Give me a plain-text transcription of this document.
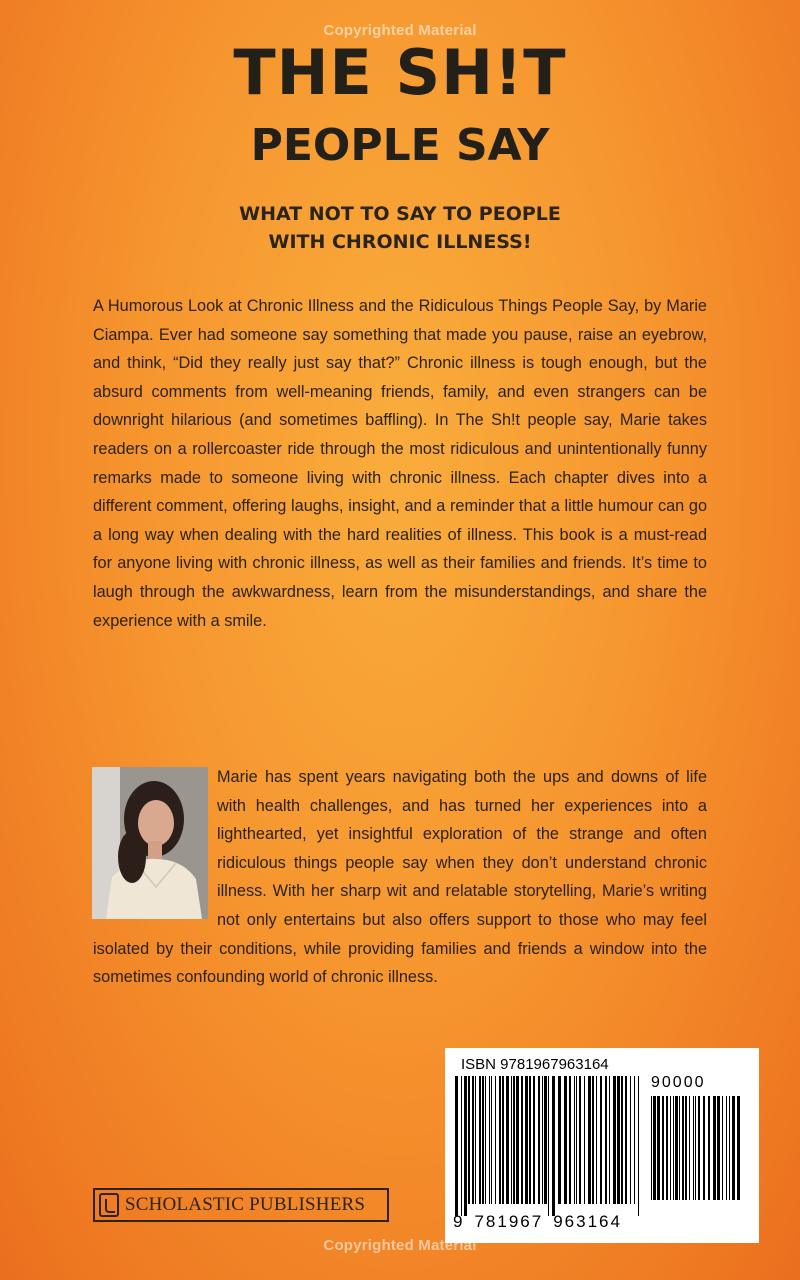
Copyrighted Material
THE SH!T
PEOPLE SAY
WHAT NOT TO SAY TO PEOPLE
WITH CHRONIC ILLNESS!

A Humorous Look at Chronic Illness and the Ridiculous Things People Say, by Marie Ciampa. Ever had someone say something that made you pause, raise an eyebrow, and think, “Did they really just say that?” Chronic illness is tough enough, but the absurd comments from well-meaning friends, family, and even strangers can be downright hilarious (and sometimes baffling). In The Sh!t people say, Marie takes readers on a rollercoaster ride through the most ridiculous and unintentionally funny remarks made to someone living with chronic illness. Each chapter dives into a different comment, offering laughs, insight, and a reminder that a little humour can go a long way when dealing with the hard realities of illness. This book is a must-read for anyone living with chronic illness, as well as their families and friends. It’s time to laugh through the awkwardness, learn from the misunderstandings, and share the experience with a smile.

Marie has spent years navigating both the ups and downs of life with health challenges, and has turned her experiences into a lighthearted, yet insightful exploration of the strange and often ridiculous things people say when they don’t understand chronic illness. With her sharp wit and relatable storytelling, Marie’s writing not only entertains but also offers support to those who may feel isolated by their conditions, while providing families and friends a window into the sometimes confounding world of chronic illness.

ISBN 9781967963164
90000
9 781967 963164
Copyrighted Material
SCHOLASTIC PUBLISHERS
